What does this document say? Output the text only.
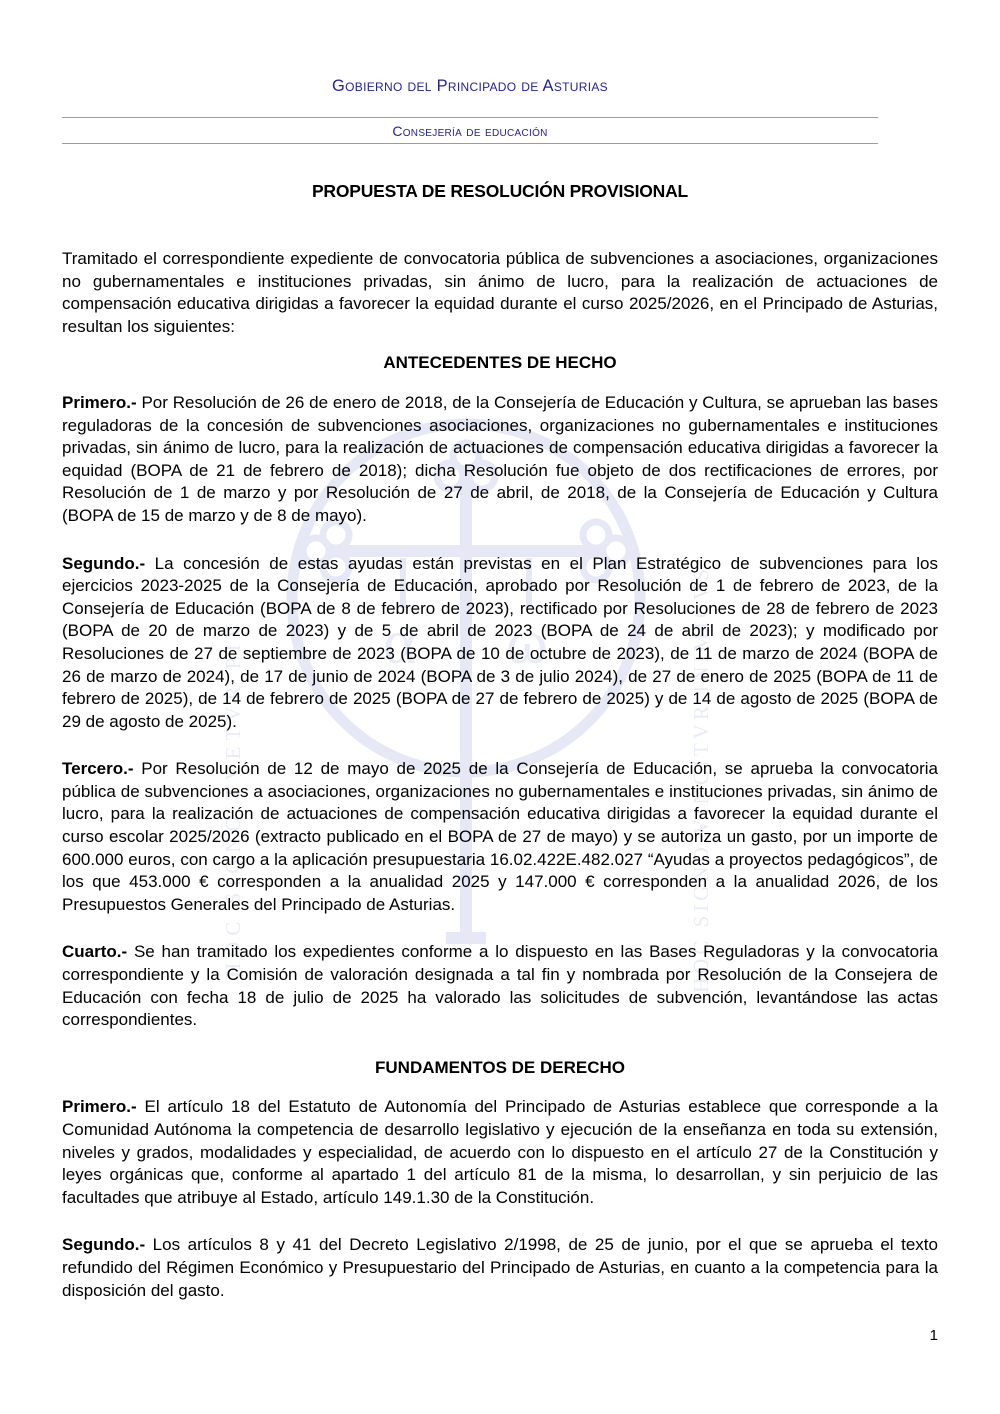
α ω
HOC SIGNO TVETVR PIVS	HOC SIGNO VINCITVR INIMICVS
Gobierno del Principado de Asturias
Consejería de educación
PROPUESTA DE RESOLUCIÓN PROVISIONAL

Tramitado el correspondiente expediente de convocatoria pública de subvenciones a asociaciones, organizaciones no gubernamentales e instituciones privadas, sin ánimo de lucro, para la realización de actuaciones de compensación educativa dirigidas a favorecer la equidad durante el curso 2025/2026, en el Principado de Asturias, resultan los siguientes:

ANTECEDENTES DE HECHO

Primero.- Por Resolución de 26 de enero de 2018, de la Consejería de Educación y Cultura, se aprueban las bases reguladoras de la concesión de subvenciones asociaciones, organizaciones no gubernamentales e instituciones privadas, sin ánimo de lucro, para la realización de actuaciones de compensación educativa dirigidas a favorecer la equidad (BOPA de 21 de febrero de 2018); dicha Resolución fue objeto de dos rectificaciones de errores, por Resolución de 1 de marzo y por Resolución de 27 de abril, de 2018, de la Consejería de Educación y Cultura (BOPA de 15 de marzo y de 8 de mayo).

Segundo.- La concesión de estas ayudas están previstas en el Plan Estratégico de subvenciones para los ejercicios 2023-2025 de la Consejería de Educación, aprobado por Resolución de 1 de febrero de 2023, de la Consejería de Educación (BOPA de 8 de febrero de 2023), rectificado por Resoluciones de 28 de febrero de 2023 (BOPA de 20 de marzo de 2023) y de 5 de abril de 2023 (BOPA de 24 de abril de 2023); y modificado por Resoluciones de 27 de septiembre de 2023 (BOPA de 10 de octubre de 2023), de 11 de marzo de 2024 (BOPA de 26 de marzo de 2024), de 17 de junio de 2024 (BOPA de 3 de julio 2024), de 27 de enero de 2025 (BOPA de 11 de febrero de 2025), de 14 de febrero de 2025 (BOPA de 27 de febrero de 2025) y de 14 de agosto de 2025 (BOPA de 29 de agosto de 2025).

Tercero.- Por Resolución de 12 de mayo de 2025 de la Consejería de Educación, se aprueba la convocatoria pública de subvenciones a asociaciones, organizaciones no gubernamentales e instituciones privadas, sin ánimo de lucro, para la realización de actuaciones de compensación educativa dirigidas a favorecer la equidad durante el curso escolar 2025/2026 (extracto publicado en el BOPA de 27 de mayo) y se autoriza un gasto, por un importe de 600.000 euros, con cargo a la aplicación presupuestaria 16.02.422E.482.027 “Ayudas a proyectos pedagógicos”, de los que 453.000 € corresponden a la anualidad 2025 y 147.000 € corresponden a la anualidad 2026, de los Presupuestos Generales del Principado de Asturias.

Cuarto.- Se han tramitado los expedientes conforme a lo dispuesto en las Bases Reguladoras y la convocatoria correspondiente y la Comisión de valoración designada a tal fin y nombrada por Resolución de la Consejera de Educación con fecha 18 de julio de 2025 ha valorado las solicitudes de subvención, levantándose las actas correspondientes.

FUNDAMENTOS DE DERECHO

Primero.- El artículo 18 del Estatuto de Autonomía del Principado de Asturias establece que corresponde a la Comunidad Autónoma la competencia de desarrollo legislativo y ejecución de la enseñanza en toda su extensión, niveles y grados, modalidades y especialidad, de acuerdo con lo dispuesto en el artículo 27 de la Constitución y leyes orgánicas que, conforme al apartado 1 del artículo 81 de la misma, lo desarrollan, y sin perjuicio de las facultades que atribuye al Estado, artículo 149.1.30 de la Constitución.

Segundo.- Los artículos 8 y 41 del Decreto Legislativo 2/1998, de 25 de junio, por el que se aprueba el texto refundido del Régimen Económico y Presupuestario del Principado de Asturias, en cuanto a la competencia para la disposición del gasto.

1
